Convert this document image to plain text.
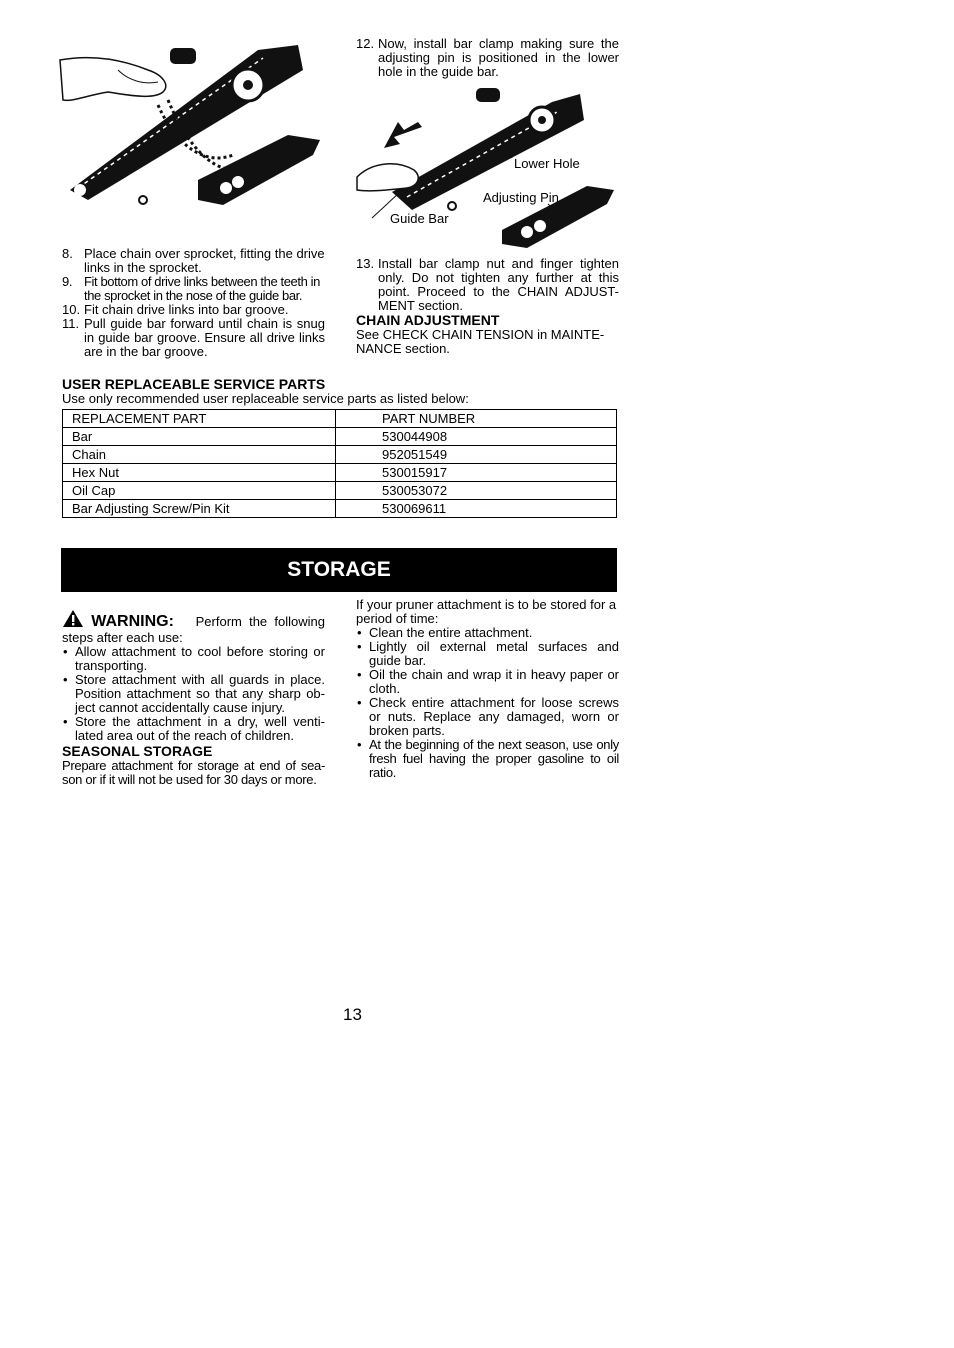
8. Place chain over sprocket, fitting the drive links in the sprocket.
9. Fit bottom of drive links between the teeth in the sprocket in the nose of the guide bar.
10. Fit chain drive links into bar groove.
11. Pull guide bar forward until chain is snug in guide bar groove. Ensure all drive links are in the bar groove.
12. Now, install bar clamp making sure the adjusting pin is positioned in the lower hole in the guide bar.
Lower Hole
Adjusting Pin
Guide Bar
13. Install bar clamp nut and finger tighten only. Do not tighten any further at this point. Proceed to the CHAIN ADJUST-MENT section.
CHAIN ADJUSTMENT
See CHECK CHAIN TENSION in MAINTE-NANCE section.
USER REPLACEABLE SERVICE PARTS
Use only recommended user replaceable service parts as listed below:
REPLACEMENT PART	PART NUMBER
Bar	530044908
Chain	952051549
Hex Nut	530015917
Oil Cap	530053072
Bar Adjusting Screw/Pin Kit	530069611
STORAGE
WARNING: Perform the following steps after each use:
• Allow attachment to cool before storing or transporting.
• Store attachment with all guards in place. Position attachment so that any sharp ob-ject cannot accidentally cause injury.
• Store the attachment in a dry, well venti-lated area out of the reach of children.
SEASONAL STORAGE
Prepare attachment for storage at end of sea-son or if it will not be used for 30 days or more.
If your pruner attachment is to be stored for a period of time:
• Clean the entire attachment.
• Lightly oil external metal surfaces and guide bar.
• Oil the chain and wrap it in heavy paper or cloth.
• Check entire attachment for loose screws or nuts. Replace any damaged, worn or broken parts.
• At the beginning of the next season, use only fresh fuel having the proper gasoline to oil ratio.
13
